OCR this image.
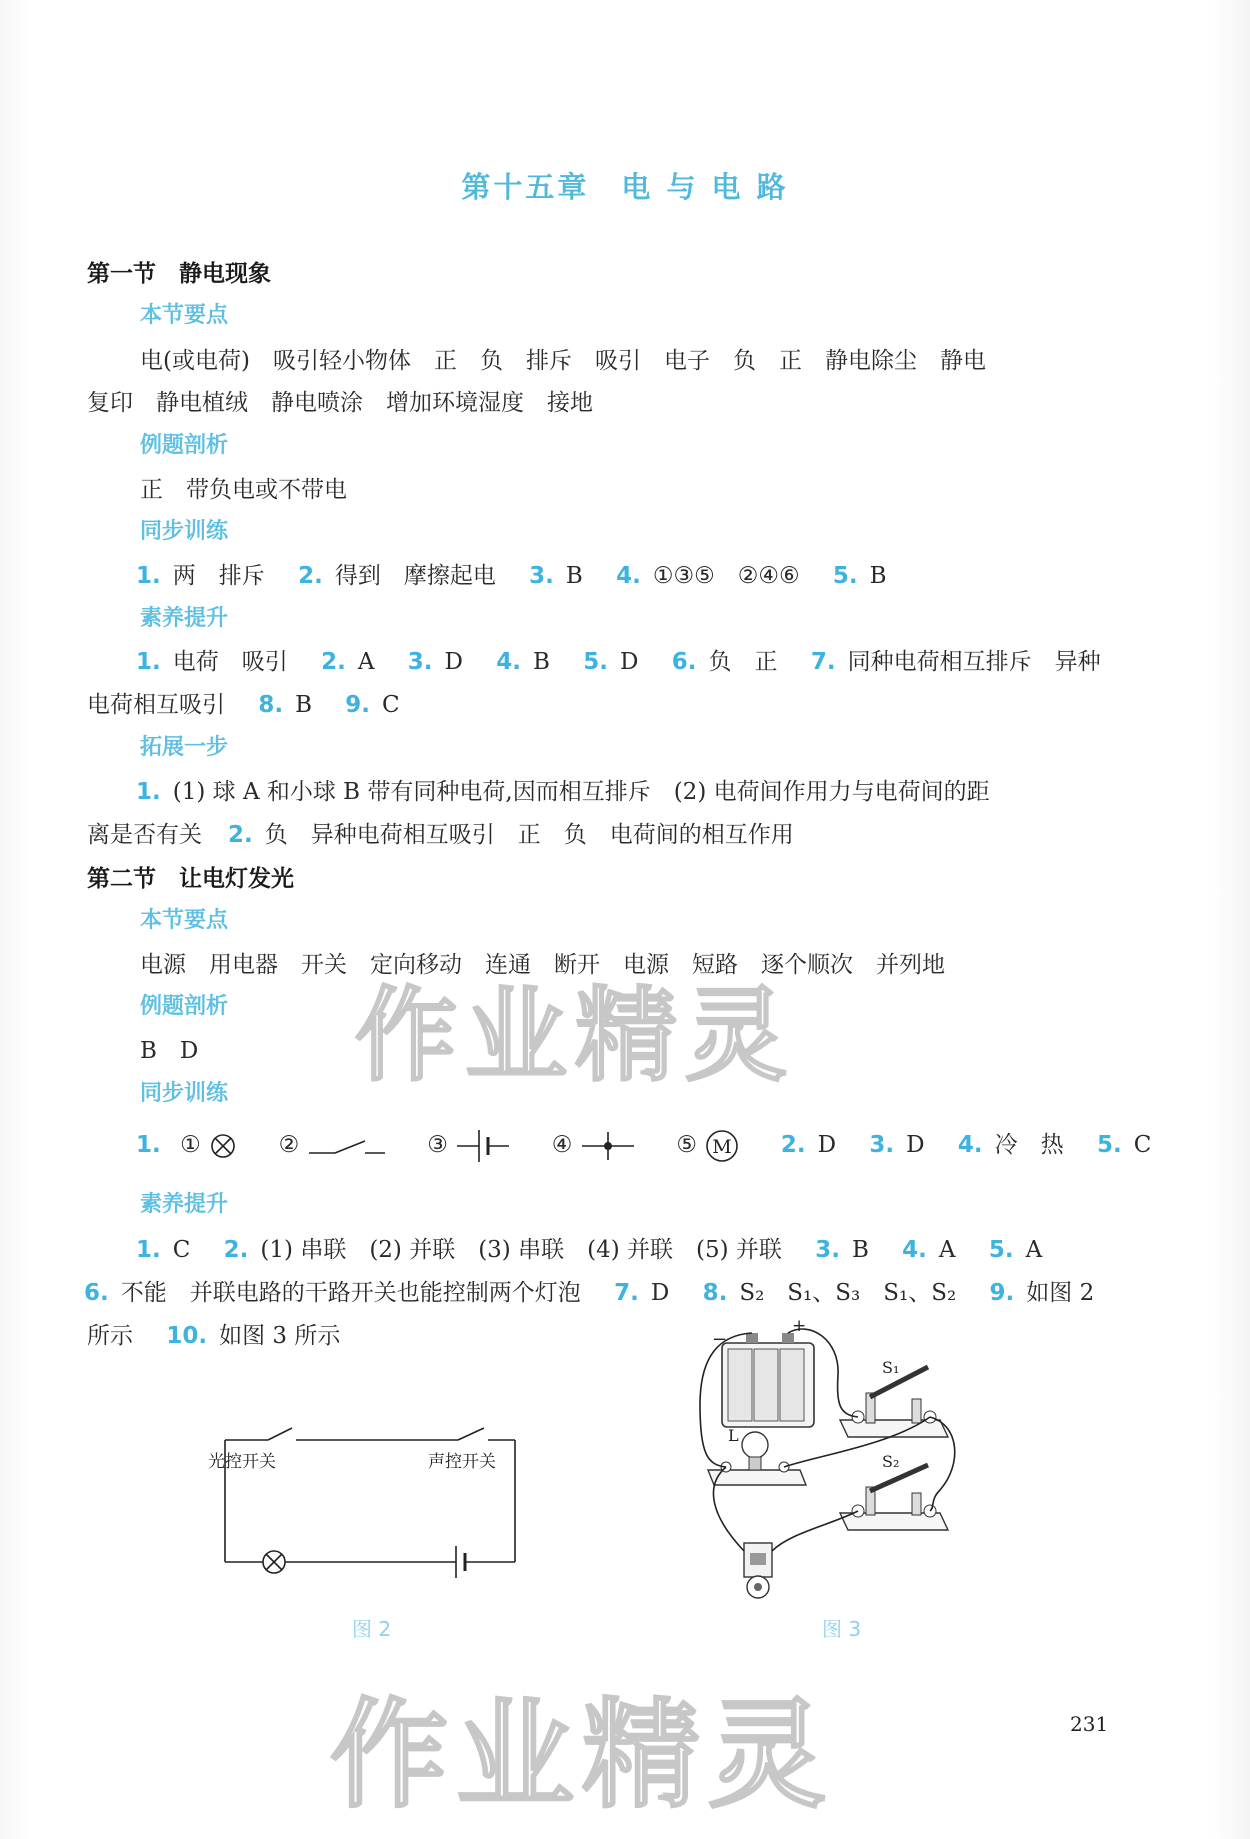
第十五章　电 与 电 路
第一节　静电现象
本节要点
电(或电荷)　吸引轻小物体　正　负　排斥　吸引　电子　负　正　静电除尘　静电
复印　静电植绒　静电喷涂　增加环境湿度　接地
例题剖析
正　带负电或不带电
同步训练
1. 两　排斥 2. 得到　摩擦起电 3. B 4. ①③⑤　②④⑥ 5. B
素养提升
1. 电荷　吸引 2. A 3. D 4. B 5. D 6. 负　正 7. 同种电荷相互排斥　异种
电荷相互吸引 8. B 9. C
拓展一步
1. (1) 球 A 和小球 B 带有同种电荷,因而相互排斥　(2) 电荷间作用力与电荷间的距
离是否有关 2. 负　异种电荷相互吸引　正　负　电荷间的相互作用
第二节　让电灯发光
本节要点
电源　用电器　开关　定向移动　连通　断开　电源　短路　逐个顺次　并列地
例题剖析
B　D
同步训练
1. ①	②	③	④	⑤ M 2. D 3. D 4. 冷　热 5. C
素养提升
1. C 2. (1) 串联　(2) 并联　(3) 串联　(4) 并联　(5) 并联 3. B 4. A 5. A
6. 不能　并联电路的干路开关也能控制两个灯泡 7. D 8. S₂　S₁、S₃　S₁、S₂ 9. 如图 2
所示 10. 如图 3 所示
光控开关	声控开关
图 2
−
+
S₁
S₂
L
图 3
作业精灵
作业精灵	231
